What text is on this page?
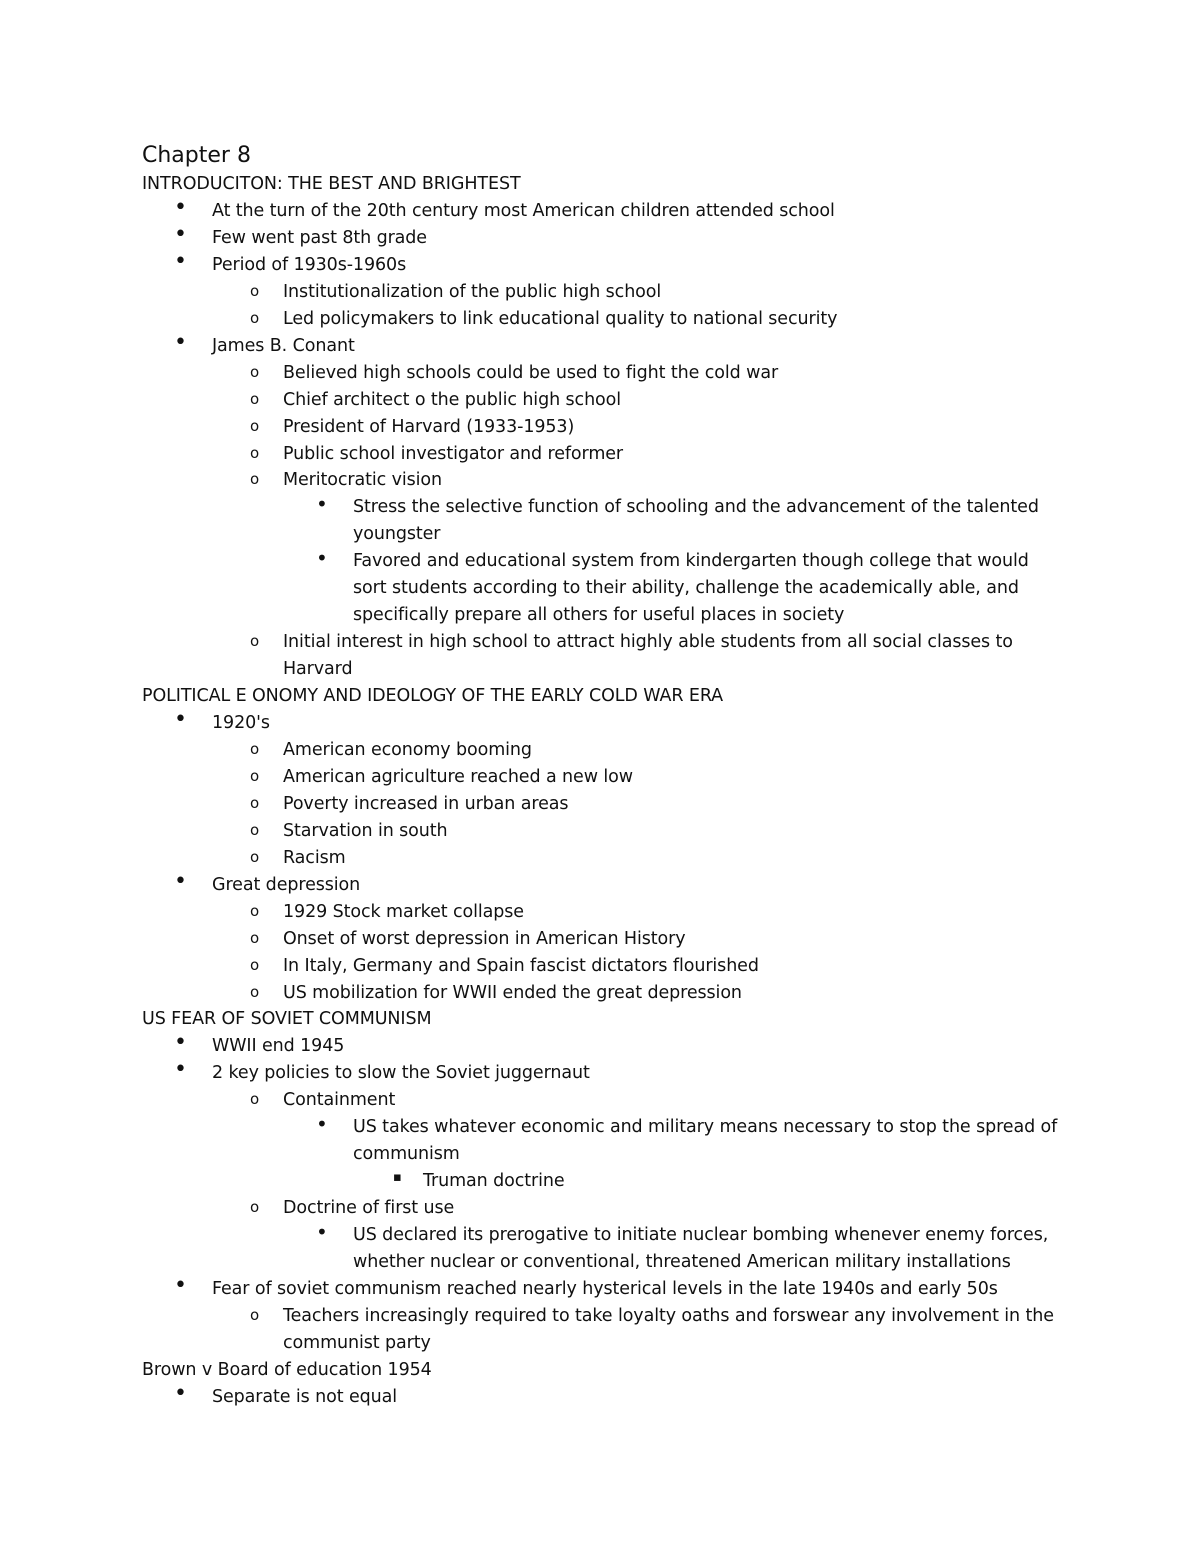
Chapter 8
INTRODUCITON: THE BEST AND BRIGHTEST
• At the turn of the 20th century most American children attended school
• Few went past 8th grade
• Period of 1930s-1960s
o Institutionalization of the public high school
o Led policymakers to link educational quality to national security
• James B. Conant
o Believed high schools could be used to fight the cold war
o Chief architect o the public high school
o President of Harvard (1933-1953)
o Public school investigator and reformer
o Meritocratic vision
• Stress the selective function of schooling and the advancement of the talented
youngster
• Favored and educational system from kindergarten though college that would
sort students according to their ability, challenge the academically able, and
specifically prepare all others for useful places in society
o Initial interest in high school to attract highly able students from all social classes to
Harvard
POLITICAL E ONOMY AND IDEOLOGY OF THE EARLY COLD WAR ERA
• 1920's
o American economy booming
o American agriculture reached a new low
o Poverty increased in urban areas
o Starvation in south
o Racism
• Great depression
o 1929 Stock market collapse
o Onset of worst depression in American History
o In Italy, Germany and Spain fascist dictators flourished
o US mobilization for WWII ended the great depression
US FEAR OF SOVIET COMMUNISM
• WWII end 1945
• 2 key policies to slow the Soviet juggernaut
o Containment
• US takes whatever economic and military means necessary to stop the spread of
communism
▪ Truman doctrine
o Doctrine of first use
• US declared its prerogative to initiate nuclear bombing whenever enemy forces,
whether nuclear or conventional, threatened American military installations
• Fear of soviet communism reached nearly hysterical levels in the late 1940s and early 50s
o Teachers increasingly required to take loyalty oaths and forswear any involvement in the
communist party
Brown v Board of education 1954
• Separate is not equal
